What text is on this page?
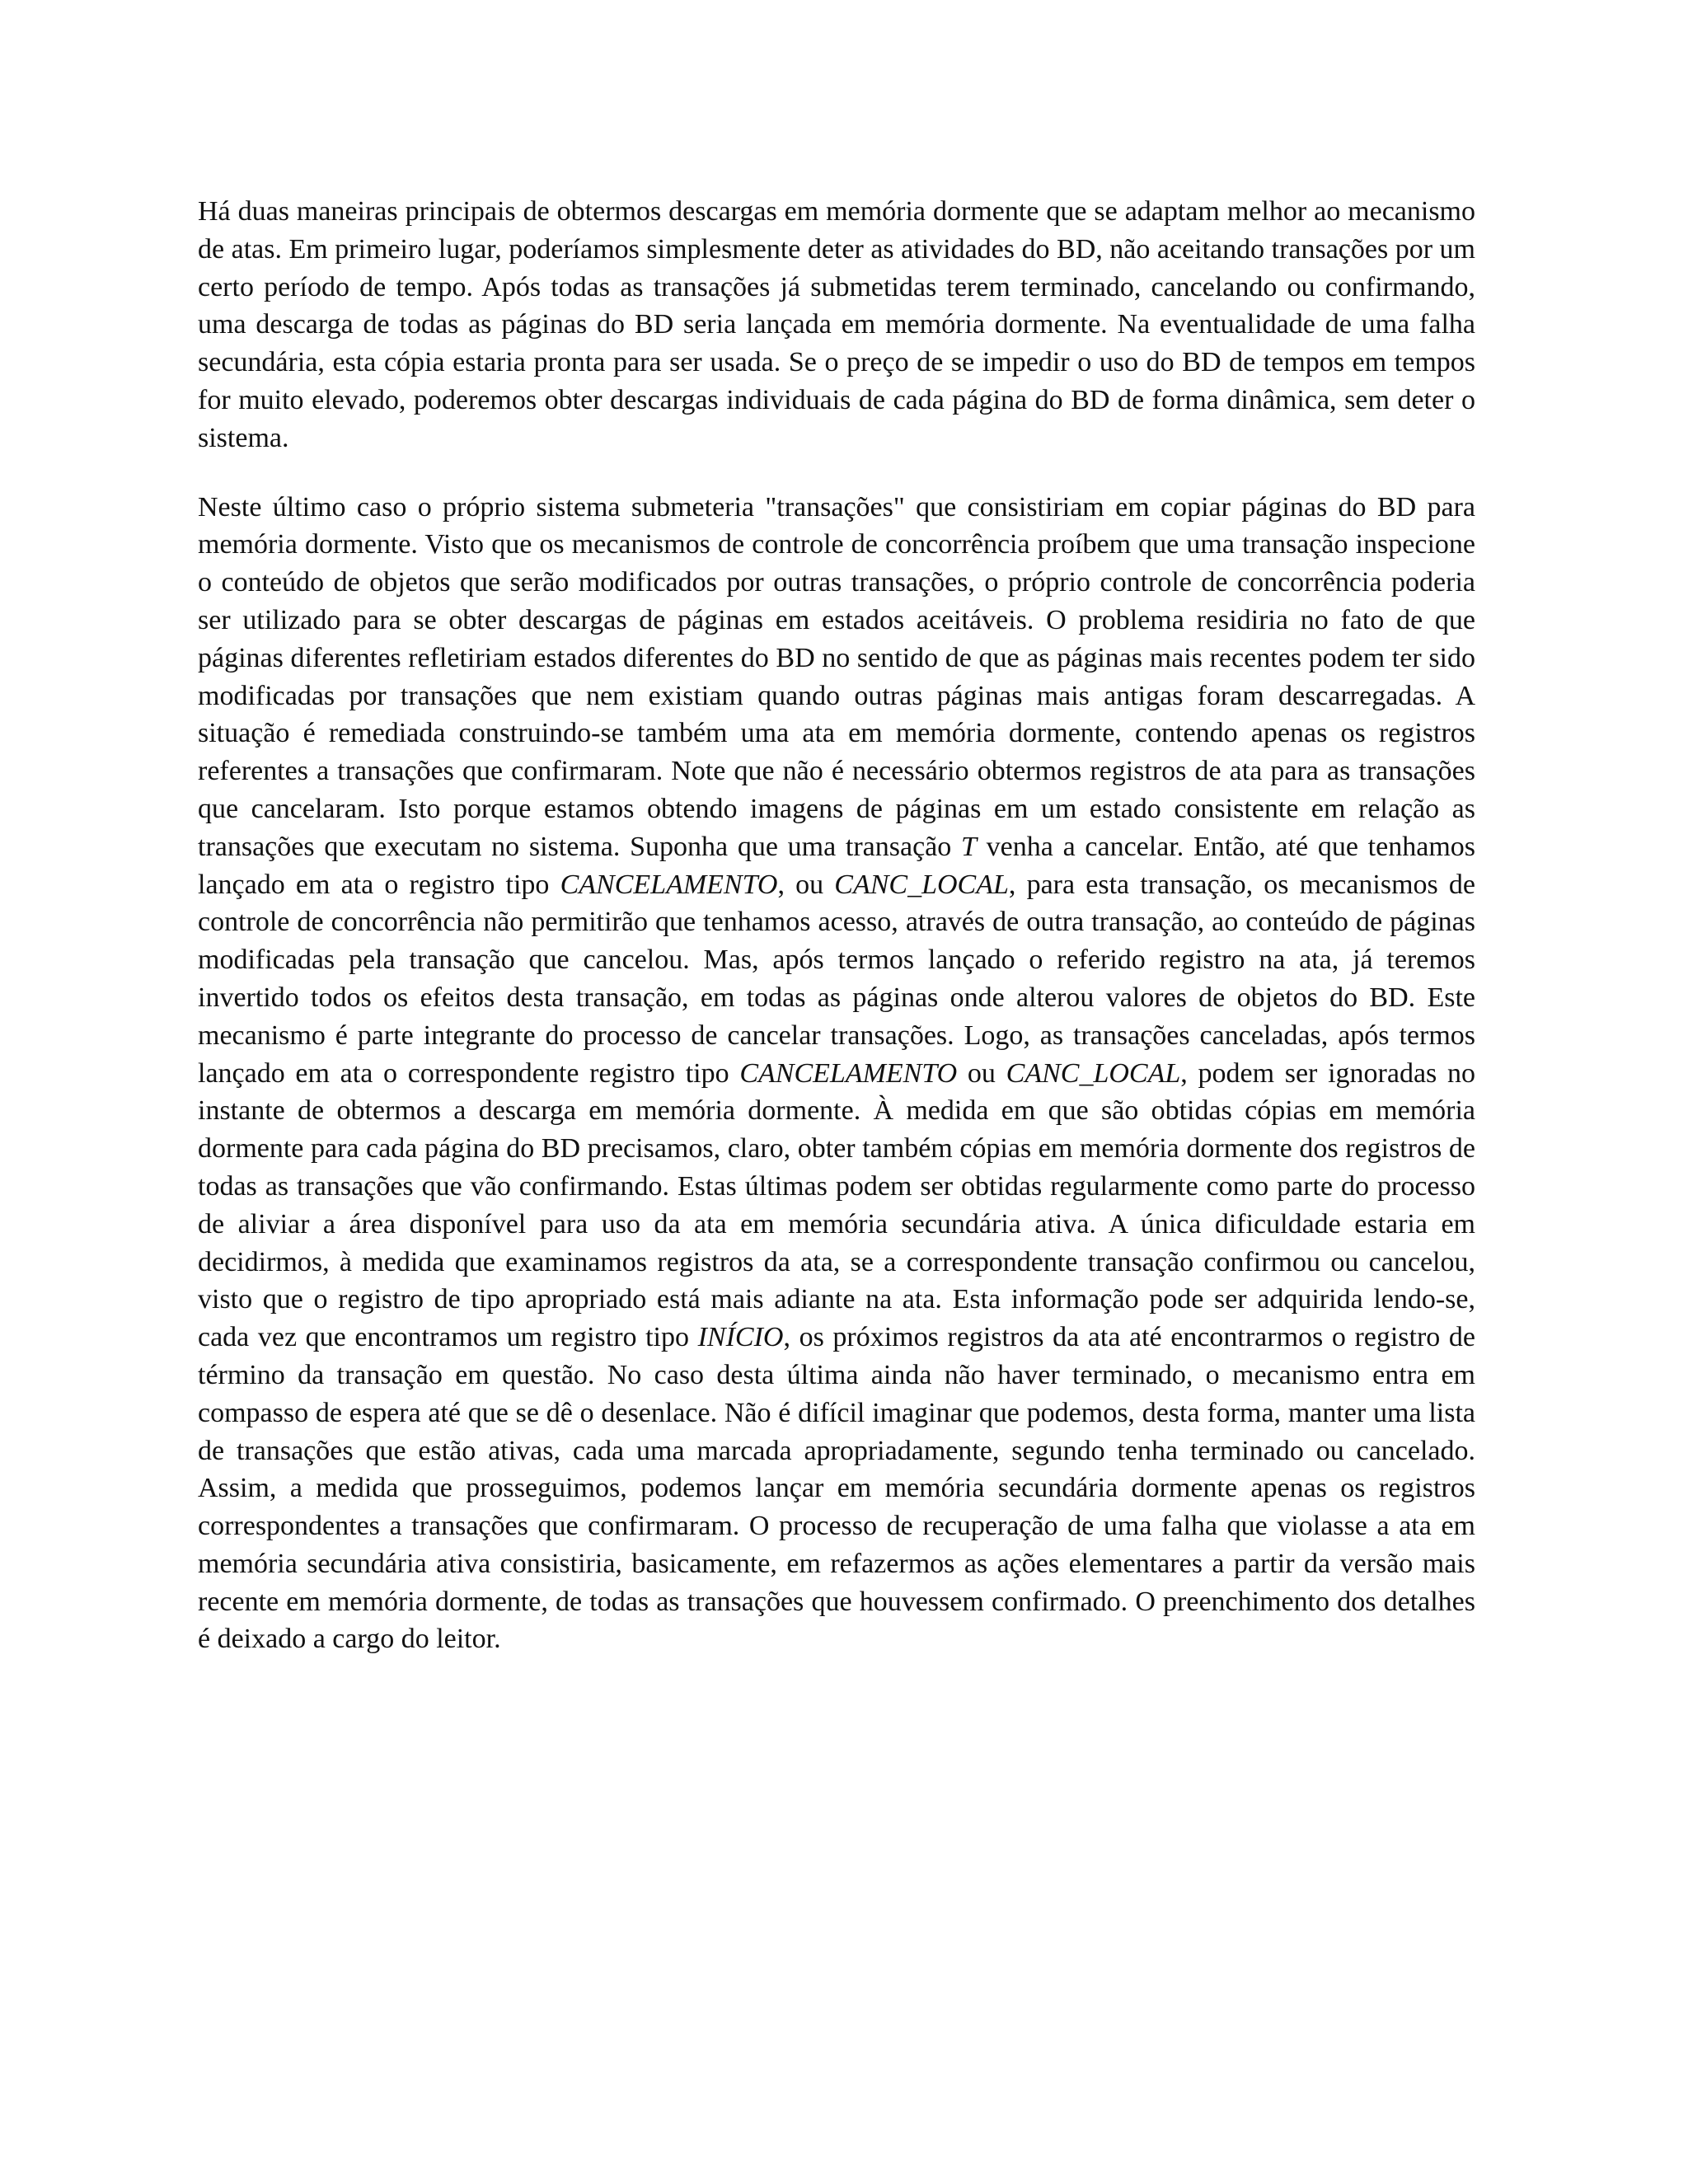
Há duas maneiras principais de obtermos descargas em memória dormente que se adaptam melhor ao mecanismo de atas. Em primeiro lugar, poderíamos simplesmente deter as atividades do BD, não aceitando transações por um certo período de tempo. Após todas as transações já submetidas terem terminado, cancelando ou confirmando, uma descarga de todas as páginas do BD seria lançada em memória dormente. Na eventualidade de uma falha secundária, esta cópia estaria pronta para ser usada. Se o preço de se impedir o uso do BD de tempos em tempos for muito elevado, poderemos obter descargas individuais de cada página do BD de forma dinâmica, sem deter o sistema.

Neste último caso o próprio sistema submeteria "transações" que consistiriam em copiar páginas do BD para memória dormente. Visto que os mecanismos de controle de concorrência proíbem que uma transação inspecione o conteúdo de objetos que serão modificados por outras transações, o próprio controle de concorrência poderia ser utilizado para se obter descargas de páginas em estados aceitáveis. O problema residiria no fato de que páginas diferentes refletiriam estados diferentes do BD no sentido de que as páginas mais recentes podem ter sido modificadas por transações que nem existiam quando outras páginas mais antigas foram descarregadas. A situação é remediada construindo-se também uma ata em memória dormente, contendo apenas os registros referentes a transações que confirmaram. Note que não é necessário obtermos registros de ata para as transações que cancelaram. Isto porque estamos obtendo imagens de páginas em um estado consistente em relação as transações que executam no sistema. Suponha que uma transação T venha a cancelar. Então, até que tenhamos lançado em ata o registro tipo CANCELAMENTO, ou CANC_LOCAL, para esta transação, os mecanismos de controle de concorrência não permitirão que tenhamos acesso, através de outra transação, ao conteúdo de páginas modificadas pela transação que cancelou. Mas, após termos lançado o referido registro na ata, já teremos invertido todos os efeitos desta transação, em todas as páginas onde alterou valores de objetos do BD. Este mecanismo é parte integrante do processo de cancelar transações. Logo, as transações canceladas, após termos lançado em ata o correspondente registro tipo CANCELAMENTO ou CANC_LOCAL, podem ser ignoradas no instante de obtermos a descarga em memória dormente. À medida em que são obtidas cópias em memória dormente para cada página do BD precisamos, claro, obter também cópias em memória dormente dos registros de todas as transações que vão confirmando. Estas últimas podem ser obtidas regularmente como parte do processo de aliviar a área disponível para uso da ata em memória secundária ativa. A única dificuldade estaria em decidirmos, à medida que examinamos registros da ata, se a correspondente transação confirmou ou cancelou, visto que o registro de tipo apropriado está mais adiante na ata. Esta informação pode ser adquirida lendo-se, cada vez que encontramos um registro tipo INÍCIO, os próximos registros da ata até encontrarmos o registro de término da transação em questão. No caso desta última ainda não haver terminado, o mecanismo entra em compasso de espera até que se dê o desenlace. Não é difícil imaginar que podemos, desta forma, manter uma lista de transações que estão ativas, cada uma marcada apropriadamente, segundo tenha terminado ou cancelado. Assim, a medida que prosseguimos, podemos lançar em memória secundária dormente apenas os registros correspondentes a transações que confirmaram. O processo de recuperação de uma falha que violasse a ata em memória secundária ativa consistiria, basicamente, em refazermos as ações elementares a partir da versão mais recente em memória dormente, de todas as transações que houvessem confirmado. O preenchimento dos detalhes é deixado a cargo do leitor.
